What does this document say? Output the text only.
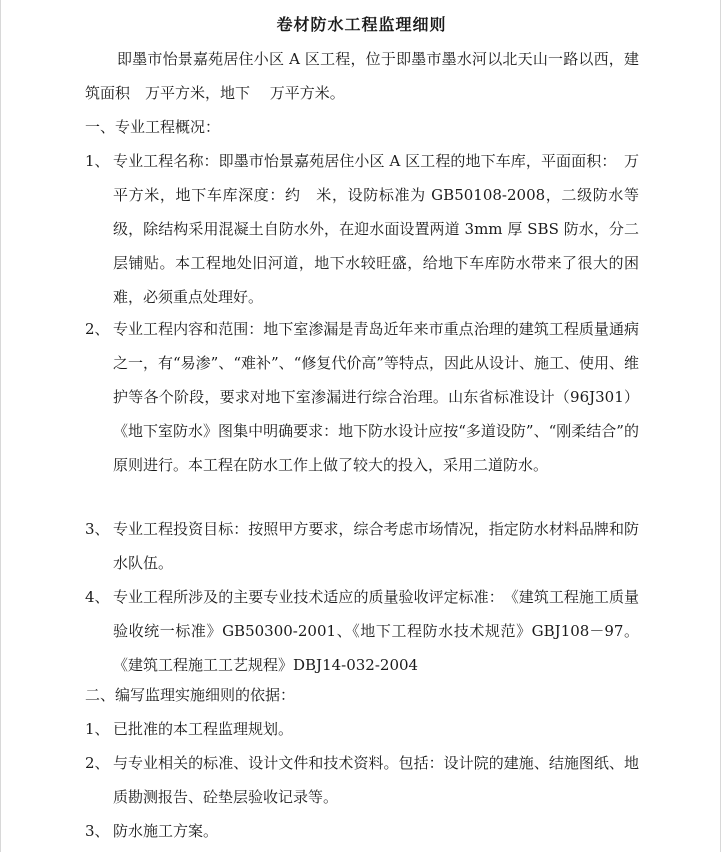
卷材防水工程监理细则

即墨市怡景嘉苑居住小区 A 区工程，位于即墨市墨水河以北天山一路以西，建筑面积　万平方米，地下　 万平方米。

一、专业工程概况：
1、 专业工程名称：即墨市怡景嘉苑居住小区 A 区工程的地下车库，平面面积：　万平方米，地下车库深度：约　米，设防标准为 GB50108-2008，二级防水等级，除结构采用混凝土自防水外，在迎水面设置两道 3mm 厚 SBS 防水，分二层铺贴。本工程地处旧河道，地下水较旺盛，给地下车库防水带来了很大的困难，必须重点处理好。
2、 专业工程内容和范围：地下室渗漏是青岛近年来市重点治理的建筑工程质量通病之一，有“易渗”、“难补”、“修复代价高”等特点，因此从设计、施工、使用、维护等各个阶段，要求对地下室渗漏进行综合治理。山东省标准设计（96J301）《地下室防水》图集中明确要求：地下防水设计应按“多道设防”、“刚柔结合”的原则进行。本工程在防水工作上做了较大的投入，采用二道防水。
3、 专业工程投资目标：按照甲方要求，综合考虑市场情况，指定防水材料品牌和防水队伍。
4、 专业工程所涉及的主要专业技术适应的质量验收评定标准：　《建筑工程施工质量验收统一标准》GB50300-2001、《地下工程防水技术规范》GBJ108－97。《建筑工程施工工艺规程》DBJ14-032-2004
二、编写监理实施细则的依据：
1、 已批准的本工程监理规划。
2、 与专业相关的标准、设计文件和技术资料。包括：设计院的建施、结施图纸、地质勘测报告、砼垫层验收记录等。
3、 防水施工方案。
